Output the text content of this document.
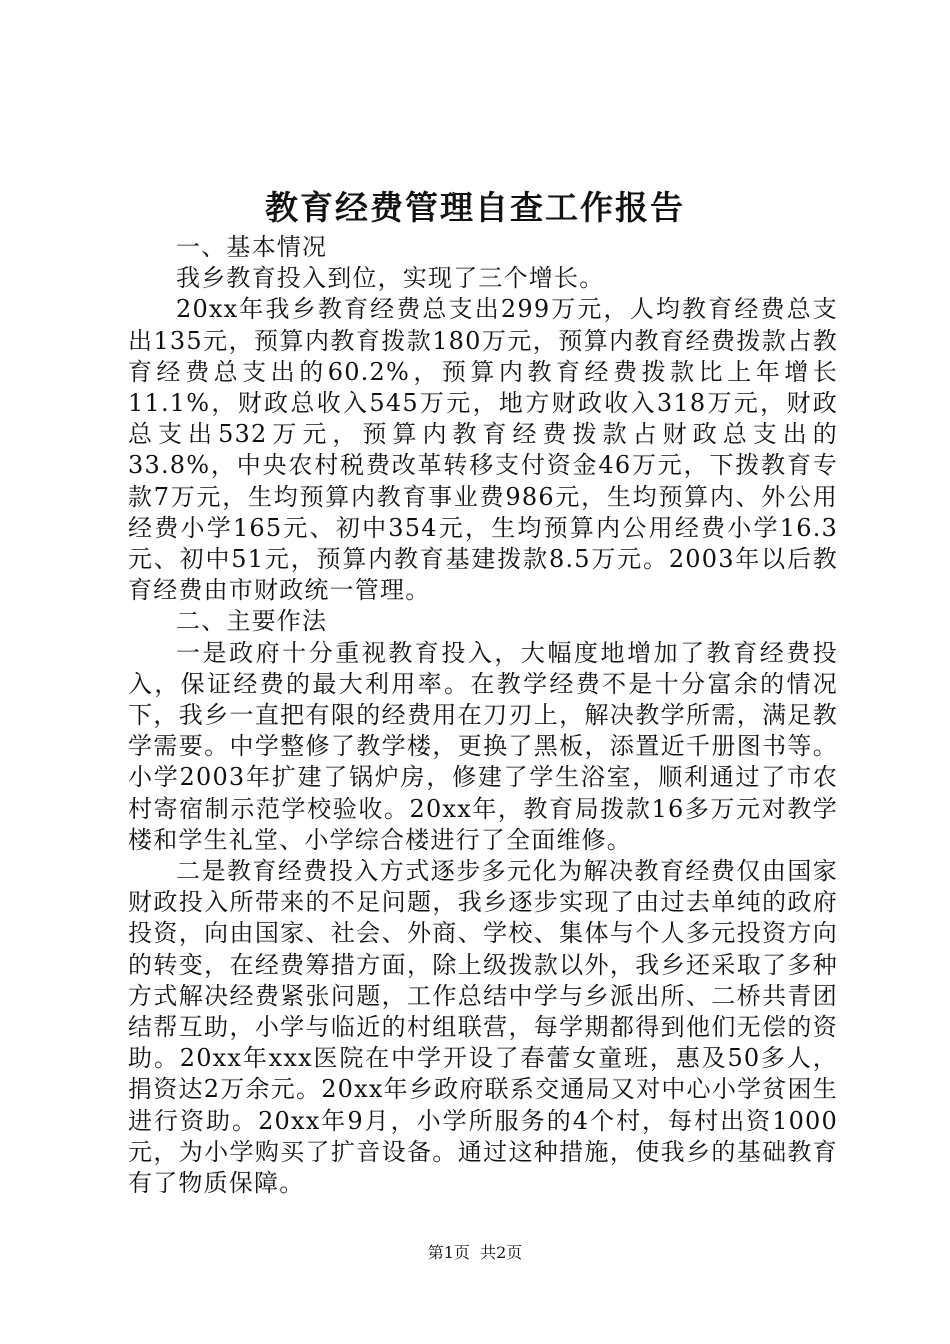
教育经费管理自查工作报告

一、基本情况

我乡教育投入到位，实现了三个增长。

20xx年我乡教育经费总支出299万元，人均教育经费总支出135元，预算内教育拨款180万元，预算内教育经费拨款占教育经费总支出的60.2%，预算内教育经费拨款比上年增长11.1%，财政总收入545万元，地方财政收入318万元，财政总支出532万元，预算内教育经费拨款占财政总支出的33.8%，中央农村税费改革转移支付资金46万元，下拨教育专款7万元，生均预算内教育事业费986元，生均预算内、外公用经费小学165元、初中354元，生均预算内公用经费小学16.3元、初中51元，预算内教育基建拨款8.5万元。2003年以后教育经费由市财政统一管理。

二、主要作法

一是政府十分重视教育投入，大幅度地增加了教育经费投入，保证经费的最大利用率。在教学经费不是十分富余的情况下，我乡一直把有限的经费用在刀刃上，解决教学所需，满足教学需要。中学整修了教学楼，更换了黑板，添置近千册图书等。小学2003年扩建了锅炉房，修建了学生浴室，顺利通过了市农村寄宿制示范学校验收。20xx年，教育局拨款16多万元对教学楼和学生礼堂、小学综合楼进行了全面维修。

二是教育经费投入方式逐步多元化为解决教育经费仅由国家财政投入所带来的不足问题，我乡逐步实现了由过去单纯的政府投资，向由国家、社会、外商、学校、集体与个人多元投资方向的转变，在经费筹措方面，除上级拨款以外，我乡还采取了多种方式解决经费紧张问题，工作总结中学与乡派出所、二桥共青团结帮互助，小学与临近的村组联营，每学期都得到他们无偿的资助。20xx年xxx医院在中学开设了春蕾女童班，惠及50多人，捐资达2万余元。20xx年乡政府联系交通局又对中心小学贫困生进行资助。20xx年9月，小学所服务的4个村，每村出资1000元，为小学购买了扩音设备。通过这种措施，使我乡的基础教育有了物质保障。

第1页 共2页
